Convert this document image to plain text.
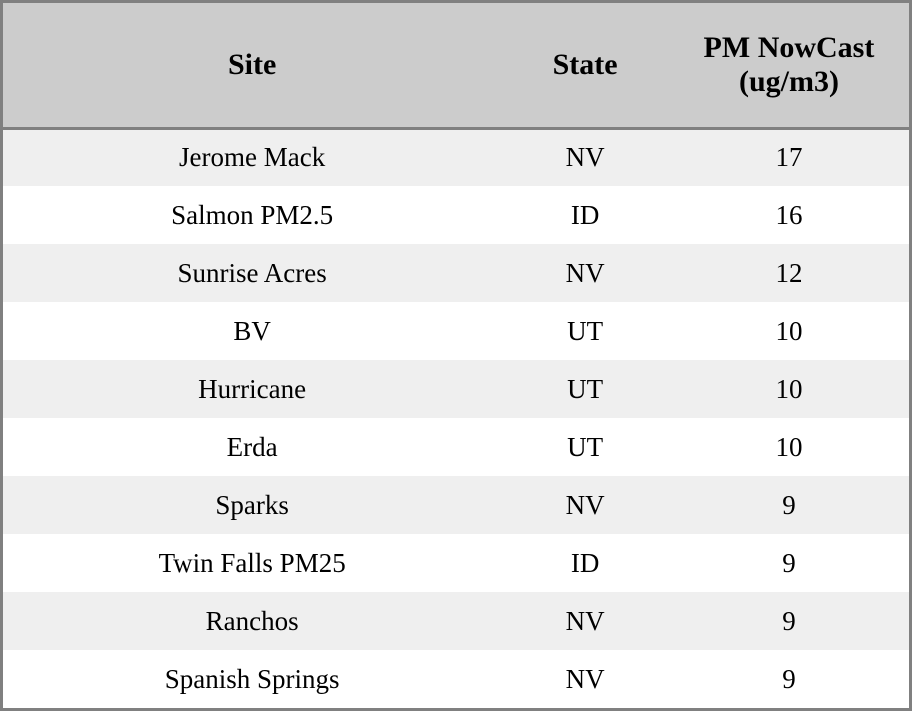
Site	State	PM NowCast (ug/m3)
Jerome Mack	NV	17
Salmon PM2.5	ID	16
Sunrise Acres	NV	12
BV	UT	10
Hurricane	UT	10
Erda	UT	10
Sparks	NV	9
Twin Falls PM25	ID	9
Ranchos	NV	9
Spanish Springs	NV	9
